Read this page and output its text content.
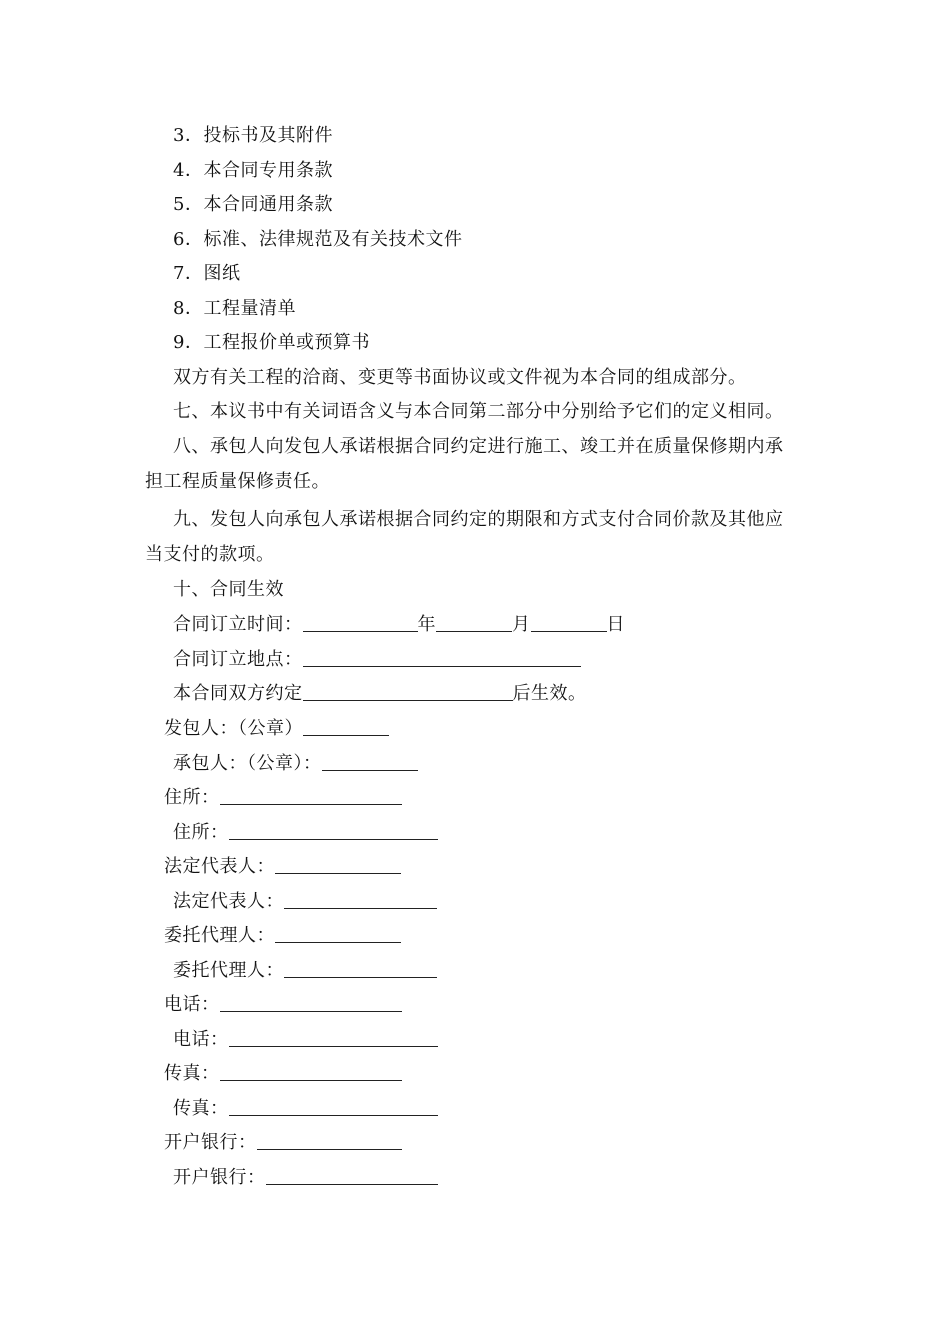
3．投标书及其附件
4．本合同专用条款
5．本合同通用条款
6．标准、法律规范及有关技术文件
7．图纸
8．工程量清单
9．工程报价单或预算书
双方有关工程的洽商、变更等书面协议或文件视为本合同的组成部分。
七、本议书中有关词语含义与本合同第二部分中分别给予它们的定义相同。
八、承包人向发包人承诺根据合同约定进行施工、竣工并在质量保修期内承
担工程质量保修责任。
九、发包人向承包人承诺根据合同约定的期限和方式支付合同价款及其他应
当支付的款项。
十、合同生效
合同订立时间：	年	月	日
合同订立地点：
本合同双方约定	后生效。
发包人：（公章）
承包人：（公章）：
住所：
住所：
法定代表人：
法定代表人：
委托代理人：
委托代理人：
电话：
电话：
传真：
传真：
开户银行：
开户银行：
